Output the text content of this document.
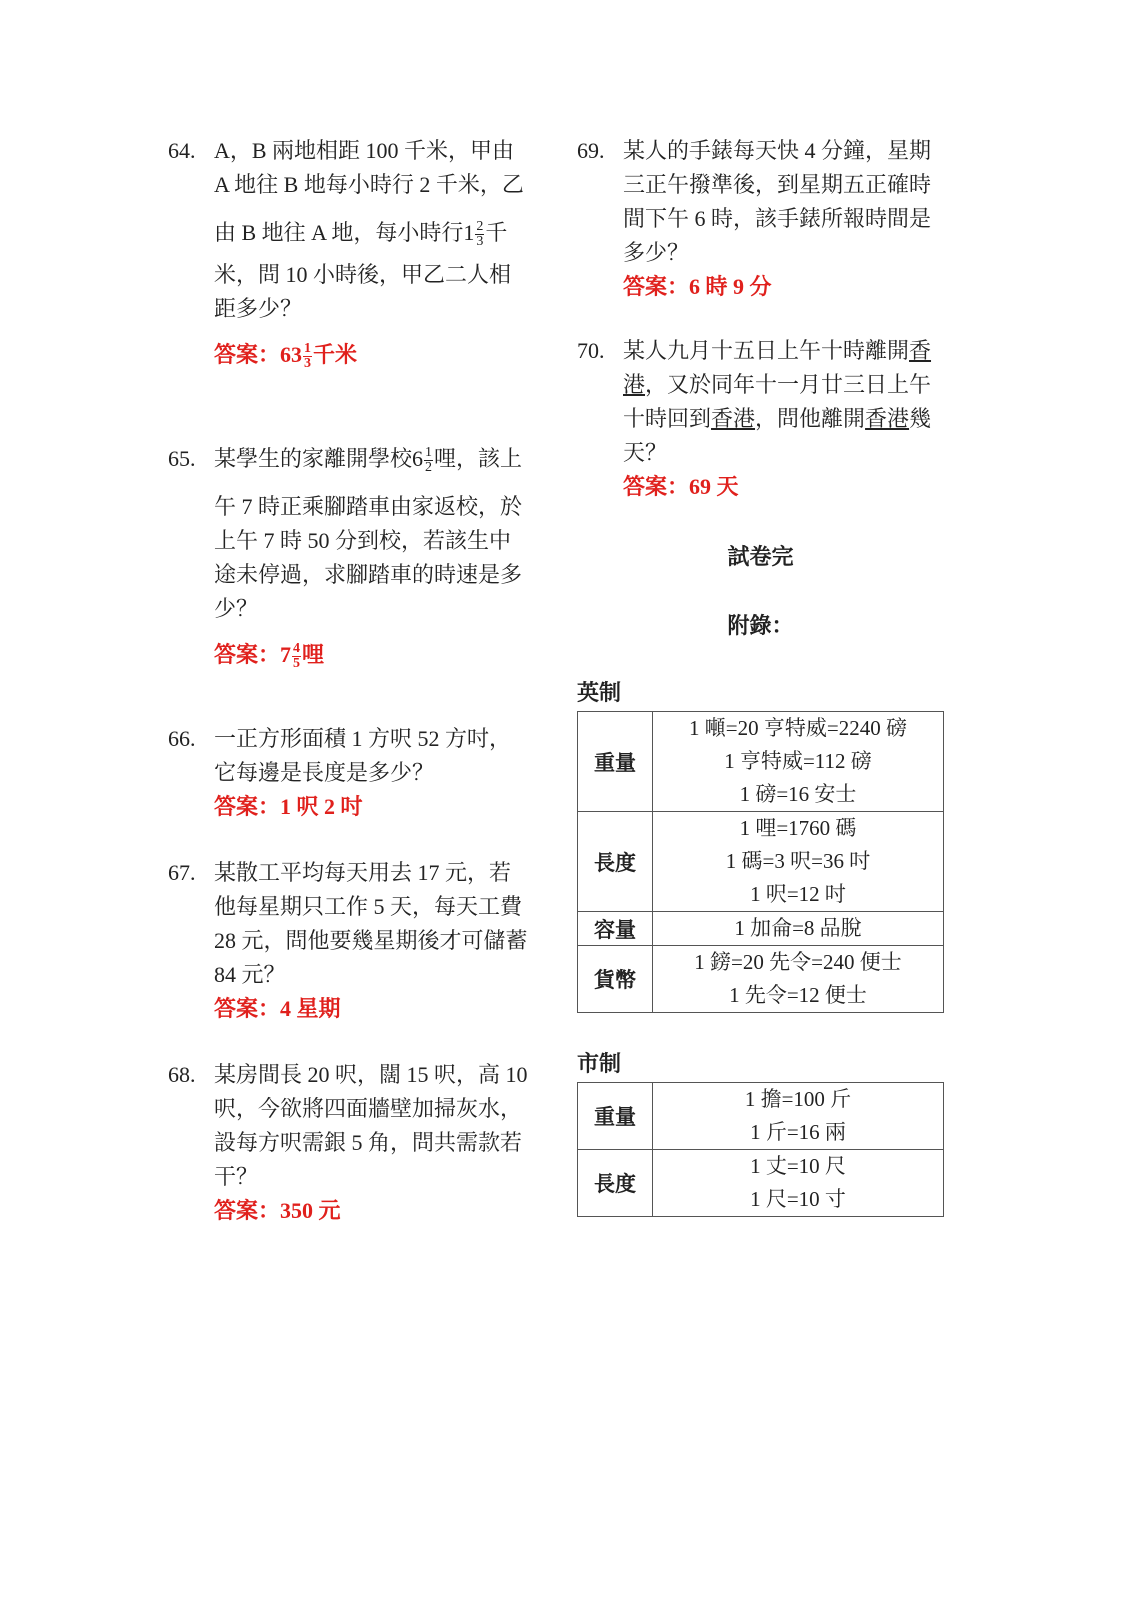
64. A，B 兩地相距 100 千米，甲由
A 地往 B 地每小時行 2 千米，乙
由 B 地往 A 地，每小時行$1 \frac{2}{3}$ 千
米，問 10 小時後，甲乙二人相
距多少？
答案：$63 \frac{1}{3}$ 千米
65. 某學生的家離開學校$6 \frac{1}{2}$ 哩，該上
午 7 時正乘腳踏車由家返校，於
上午 7 時 50 分到校，若該生中
途未停過，求腳踏車的時速是多
少？
答案：$7 \frac{4}{5}$ 哩
66. 一正方形面積 1 方呎 52 方吋，
它每邊是長度是多少？
答案：1 呎 2 吋
67. 某散工平均每天用去 17 元，若
他每星期只工作 5 天，每天工費
28 元，問他要幾星期後才可儲蓄
84 元？
答案：4 星期
68. 某房間長 20 呎，闊 15 呎，高 10
呎，今欲將四面牆壁加掃灰水，
設每方呎需銀 5 角，問共需款若
干？
答案：350 元
69. 某人的手錶每天快 4 分鐘，星期
三正午撥準後，到星期五正確時
間下午 6 時，該手錶所報時間是
多少？
答案：6 時 9 分
70. 某人九月十五日上午十時離開香
港，又於同年十一月廿三日上午
十時回到香港，問他離開香港幾
天？
答案：69 天
試卷完
附錄：
英制
重量	1 噸=20 亨特威=2240 磅
1 亨特威=112 磅
1 磅=16 安士

長度	1 哩=1760 碼
1 碼=3 呎=36 吋
1 呎=12 吋

容量	1 加侖=8 品脫

貨幣	1 鎊=20 先令=240 便士
1 先令=12 便士
市制
重量	1 擔=100 斤
1 斤=16 兩

長度	1 丈=10 尺
1 尺=10 寸
